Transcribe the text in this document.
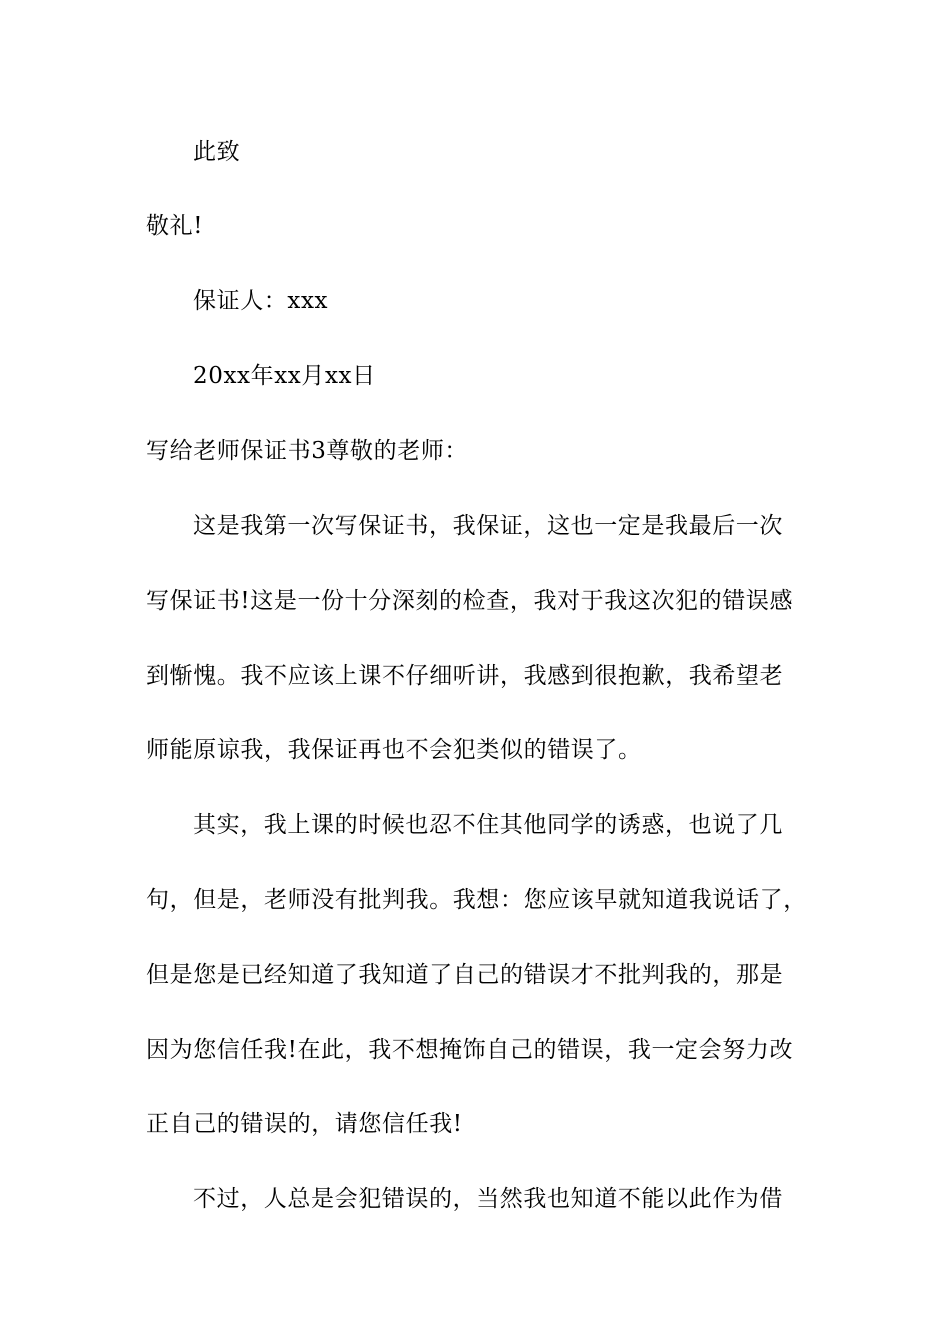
此致
敬礼!
保证人：xxx
20xx年xx月xx日
写给老师保证书3尊敬的老师：
这是我第一次写保证书，我保证，这也一定是我最后一次
写保证书!这是一份十分深刻的检查，我对于我这次犯的错误感
到惭愧。我不应该上课不仔细听讲，我感到很抱歉，我希望老
师能原谅我，我保证再也不会犯类似的错误了。
其实，我上课的时候也忍不住其他同学的诱惑，也说了几
句，但是，老师没有批判我。我想：您应该早就知道我说话了，
但是您是已经知道了我知道了自己的错误才不批判我的，那是
因为您信任我!在此，我不想掩饰自己的错误，我一定会努力改
正自己的错误的，请您信任我!
不过，人总是会犯错误的，当然我也知道不能以此作为借
